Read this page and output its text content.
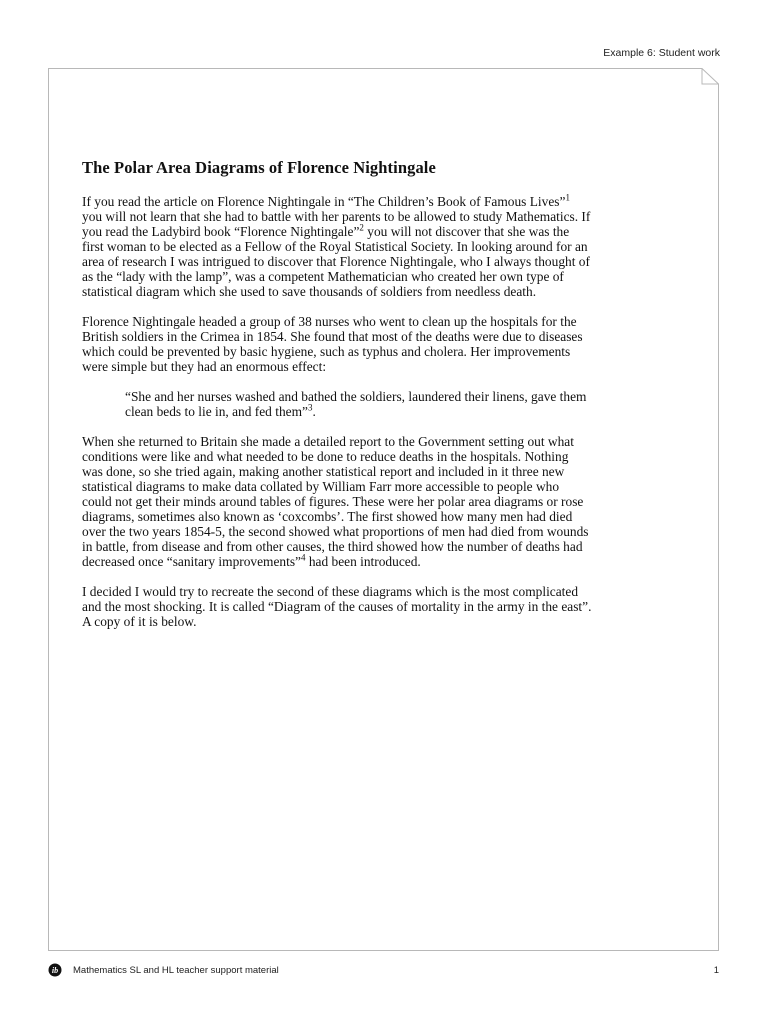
Example 6: Student work
The Polar Area Diagrams of Florence Nightingale

If you read the article on Florence Nightingale in “The Children’s Book of Famous Lives”$^1$ you will not learn that she had to battle with her parents to be allowed to study Mathematics. If you read the Ladybird book “Florence Nightingale”$^2$ you will not discover that she was the first woman to be elected as a Fellow of the Royal Statistical Society. In looking around for an area of research I was intrigued to discover that Florence Nightingale, who I always thought of as the “lady with the lamp”, was a competent Mathematician who created her own type of statistical diagram which she used to save thousands of soldiers from needless death.

Florence Nightingale headed a group of 38 nurses who went to clean up the hospitals for the British soldiers in the Crimea in 1854. She found that most of the deaths were due to diseases which could be prevented by basic hygiene, such as typhus and cholera. Her improvements were simple but they had an enormous effect:

“She and her nurses washed and bathed the soldiers, laundered their linens, gave them clean beds to lie in, and fed them”$^3$.

When she returned to Britain she made a detailed report to the Government setting out what conditions were like and what needed to be done to reduce deaths in the hospitals. Nothing was done, so she tried again, making another statistical report and included in it three new statistical diagrams to make data collated by William Farr more accessible to people who could not get their minds around tables of figures. These were her polar area diagrams or rose diagrams, sometimes also known as ‘coxcombs’. The first showed how many men had died over the two years 1854-5, the second showed what proportions of men had died from wounds in battle, from disease and from other causes, the third showed how the number of deaths had decreased once “sanitary improvements”$^4$ had been introduced.

I decided I would try to recreate the second of these diagrams which is the most complicated and the most shocking. It is called “Diagram of the causes of mortality in the army in the east”. A copy of it is below.

ib Mathematics SL and HL teacher support material	1
